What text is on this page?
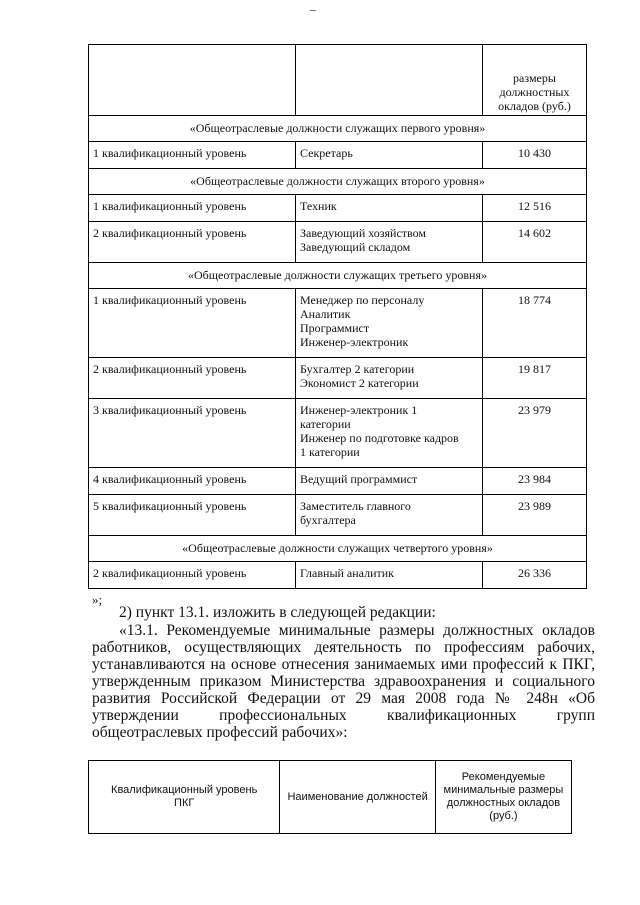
–
		размеры
должностных
окладов (руб.)
«Общеотраслевые должности служащих первого уровня»		
1 квалификационный уровень	Секретарь	10 430
«Общеотраслевые должности служащих второго уровня»		
1 квалификационный уровень	Техник	12 516
2 квалификационный уровень	Заведующий хозяйством
Заведующий складом	14 602
«Общеотраслевые должности служащих третьего уровня»		
1 квалификационный уровень	Менеджер по персоналу
Аналитик
Программист
Инженер-электроник	18 774
2 квалификационный уровень	Бухгалтер 2 категории
Экономист 2 категории	19 817
3 квалификационный уровень	Инженер-электроник 1
категории
Инженер по подготовке кадров
1 категории	23 979
4 квалификационный уровень	Ведущий программист	23 984
5 квалификационный уровень	Заместитель главного
бухгалтера	23 989
«Общеотраслевые должности служащих четвертого уровня»		
2 квалификационный уровень	Главный аналитик	26 336
»;
2) пункт 13.1. изложить в следующей редакции:
«13.1. Рекомендуемые минимальные размеры должностных окладов работников, осуществляющих деятельность по профессиям рабочих, устанавливаются на основе отнесения занимаемых ими профессий к ПКГ, утвержденным приказом Министерства здравоохранения и социального развития Российской Федерации от 29 мая 2008 года № 248н «Об утверждении профессиональных квалификационных групп общеотраслевых профессий рабочих»:
Квалификационный уровень
ПКГ	Наименование должностей	Рекомендуемые
минимальные размеры
должностных окладов
(руб.)
